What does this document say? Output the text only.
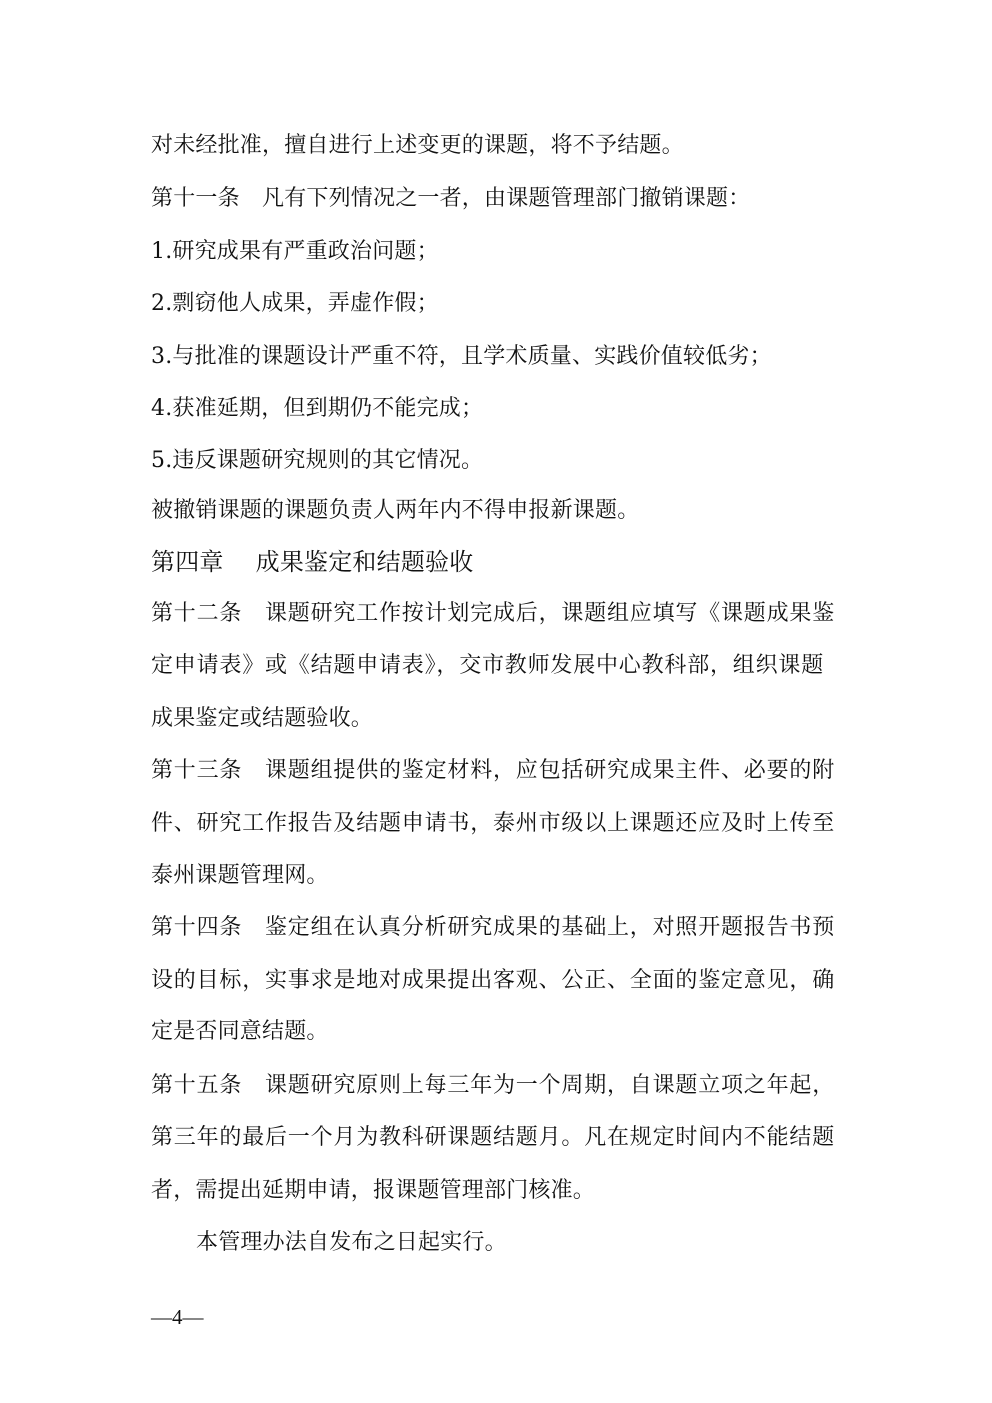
对未经批准，擅自进行上述变更的课题，将不予结题。
第十一条　凡有下列情况之一者，由课题管理部门撤销课题：
1.研究成果有严重政治问题；
2.剽窃他人成果，弄虚作假；
3.与批准的课题设计严重不符，且学术质量、实践价值较低劣；
4.获准延期，但到期仍不能完成；
5.违反课题研究规则的其它情况。
被撤销课题的课题负责人两年内不得申报新课题。
第四章　 成果鉴定和结题验收
第十二条　课题研究工作按计划完成后，课题组应填写《课题成果鉴
定申请表》或《结题申请表》，交市教师发展中心教科部，组织课题
成果鉴定或结题验收。
第十三条　课题组提供的鉴定材料，应包括研究成果主件、必要的附
件、研究工作报告及结题申请书，泰州市级以上课题还应及时上传至
泰州课题管理网。
第十四条　鉴定组在认真分析研究成果的基础上，对照开题报告书预
设的目标，实事求是地对成果提出客观、公正、全面的鉴定意见，确
定是否同意结题。
第十五条　课题研究原则上每三年为一个周期，自课题立项之年起，
第三年的最后一个月为教科研课题结题月。凡在规定时间内不能结题
者，需提出延期申请，报课题管理部门核准。
本管理办法自发布之日起实行。
—4—
